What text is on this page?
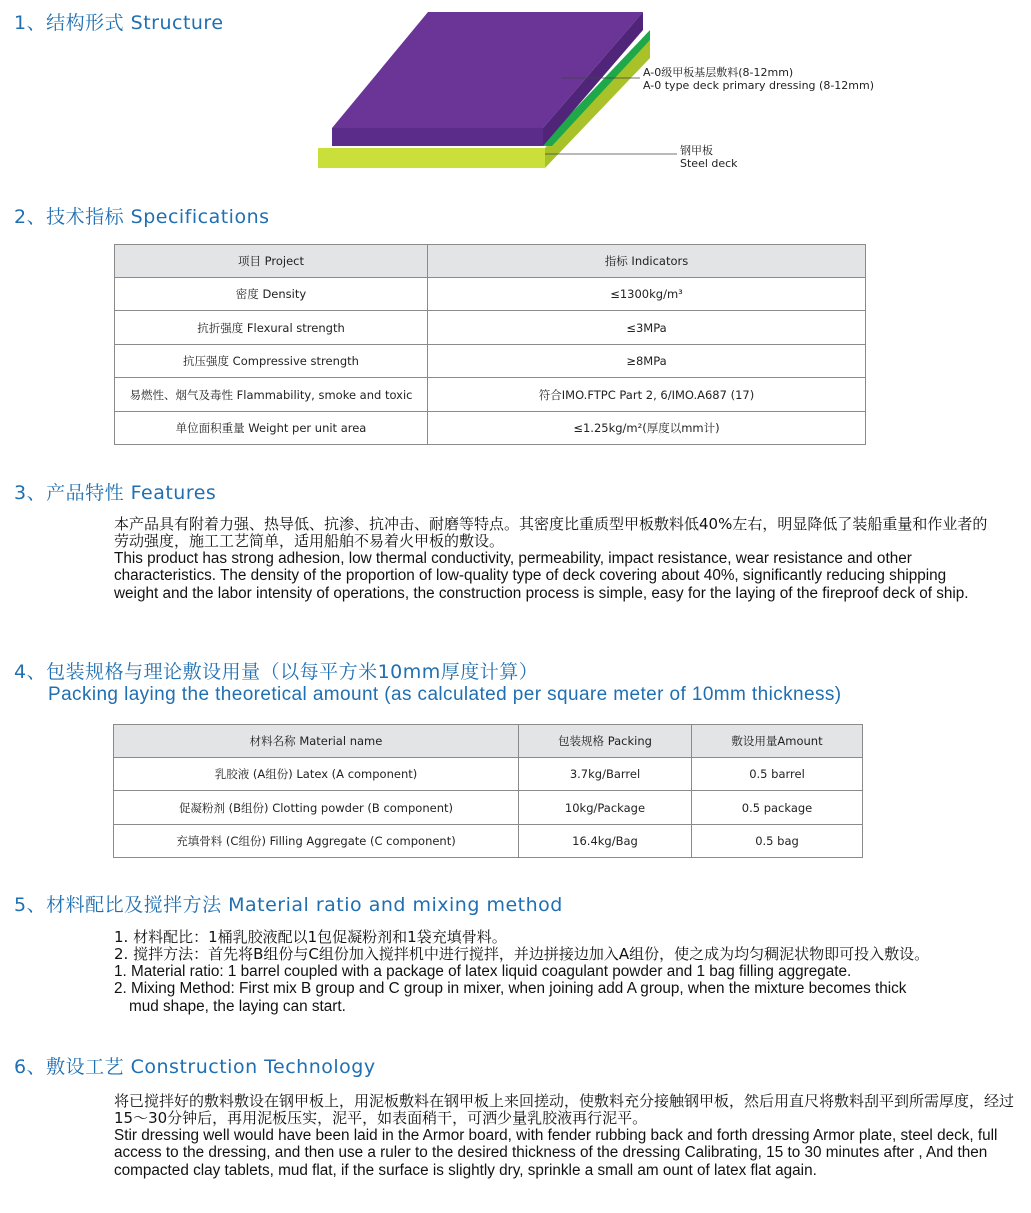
1、结构形式 Structure
A-0级甲板基层敷料(8-12mm)
A-0 type deck primary dressing (8-12mm)
钢甲板
Steel deck
2、技术指标 Specifications
项目 Project	指标 Indicators
密度 Density	≤1300kg/m³
抗折强度 Flexural strength	≤3MPa
抗压强度 Compressive strength	≥8MPa
易燃性、烟气及毒性 Flammability, smoke and toxic	符合IMO.FTPC Part 2, 6/IMO.A687 (17)
单位面积重量 Weight per unit area	≤1.25kg/m²(厚度以mm计)
3、产品特性 Features

本产品具有附着力强、热导低、抗渗、抗冲击、耐磨等特点。其密度比重质型甲板敷料低40%左右，明显降低了装船重量和作业者的劳动强度，施工工艺简单，适用船舶不易着火甲板的敷设。

This product has strong adhesion, low thermal conductivity, permeability, impact resistance, wear resistance and other characteristics. The density of the proportion of low-quality type of deck covering about 40%, significantly reducing shipping weight and the labor intensity of operations, the construction process is simple, easy for the laying of the fireproof deck of ship.

4、包装规格与理论敷设用量（以每平方米10mm厚度计算）
Packing laying the theoretical amount (as calculated per square meter of 10mm thickness)
材料名称 Material name	包装规格 Packing	敷设用量Amount
乳胶液 (A组份) Latex (A component)	3.7kg/Barrel	0.5 barrel
促凝粉剂 (B组份) Clotting powder (B component)	10kg/Package	0.5 package
充填骨料 (C组份) Filling Aggregate (C component)	16.4kg/Bag	0.5 bag
5、材料配比及搅拌方法 Material ratio and mixing method

1. 材料配比：1桶乳胶液配以1包促凝粉剂和1袋充填骨料。

2. 搅拌方法：首先将B组份与C组份加入搅拌机中进行搅拌，并边拼接边加入A组份，使之成为均匀稠泥状物即可投入敷设。

1. Material ratio: 1 barrel coupled with a package of latex liquid coagulant powder and 1 bag filling aggregate.

2. Mixing Method: First mix B group and C group in mixer, when joining add A group, when the mixture becomes thick

mud shape, the laying can start.

6、敷设工艺 Construction Technology

将已搅拌好的敷料敷设在钢甲板上，用泥板敷料在钢甲板上来回搓动，使敷料充分接触钢甲板，然后用直尺将敷料刮平到所需厚度，经过15～30分钟后，再用泥板压实，泥平，如表面稍干，可洒少量乳胶液再行泥平。

Stir dressing well would have been laid in the Armor board, with fender rubbing back and forth dressing Armor plate, steel deck, full access to the dressing, and then use a ruler to the desired thickness of the dressing Calibrating, 15 to 30 minutes after , And then compacted clay tablets, mud flat, if the surface is slightly dry, sprinkle a small am ount of latex flat again.
